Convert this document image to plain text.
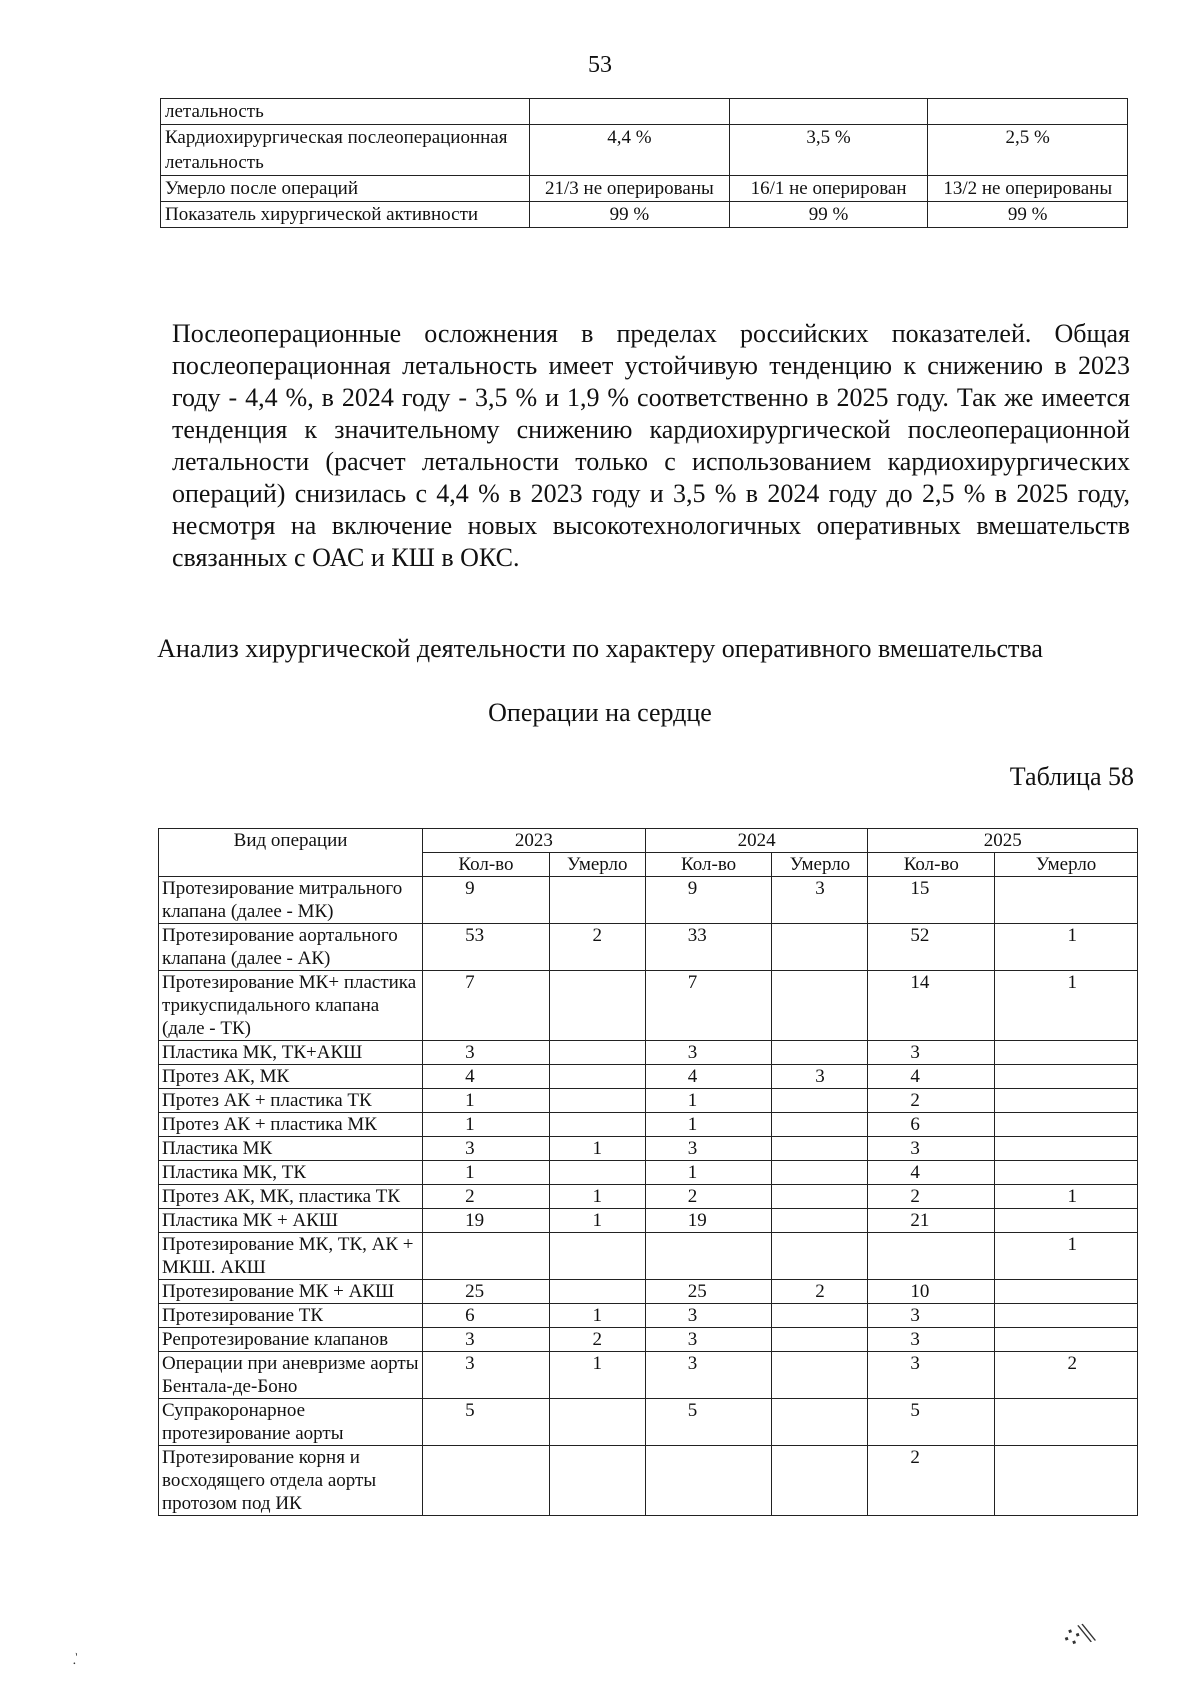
53
летальность			
Кардиохирургическая послеоперационная летальность	4,4 %	3,5 %	2,5 %
Умерло после операций	21/3 не оперированы	16/1 не оперирован	13/2 не оперированы
Показатель хирургической активности	99 %	99 %	99 %
Послеоперационные осложнения в пределах российских показателей. Общая послеоперационная летальность имеет устойчивую тенденцию к снижению в 2023 году - 4,4 %, в 2024 году - 3,5 % и 1,9 % соответственно в 2025 году. Так же имеется тенденция к значительному снижению кардиохирургической послеоперационной летальности (расчет летальности только с использованием кардиохирургических операций) снизилась с 4,4 % в 2023 году и 3,5 % в 2024 году до 2,5 % в 2025 году, несмотря на включение новых высокотехнологичных оперативных вмешательств связанных с ОАС и КШ в ОКС.
Анализ хирургической деятельности по характеру оперативного вмешательства
Операции на сердце
Таблица 58
Вид операции	2023		2024		2025	
	Кол-во	Умерло	Кол-во	Умерло	Кол-во	Умерло
Протезирование митрального клапана (далее - МК)	9		9	3	15	
Протезирование аортального клапана (далее - АК)	53	2	33		52	1
Протезирование МК+ пластика трикуспидального клапана (дале - ТК)	7		7		14	1
Пластика МК, ТК+АКШ	3		3		3	
Протез АК, МК	4		4	3	4	
Протез АК + пластика ТК	1		1		2	
Протез АК + пластика МК	1		1		6	
Пластика МК	3	1	3		3	
Пластика МК, ТК	1		1		4	
Протез АК, МК, пластика ТК	2	1	2		2	1
Пластика МК + АКШ	19	1	19		21	
Протезирование МК, ТК, АК + МКШ. АКШ						1
Протезирование МК + АКШ	25		25	2	10	
Протезирование ТК	6	1	3		3	
Репротезирование клапанов	3	2	3		3	
Операции при аневризме аорты Бентала-де-Боно	3	1	3		3	2
Супракоронарное протезирование аорты	5		5		5	
Протезирование корня и восходящего отдела аорты протозом под ИК					2	
`.
⁘\\
